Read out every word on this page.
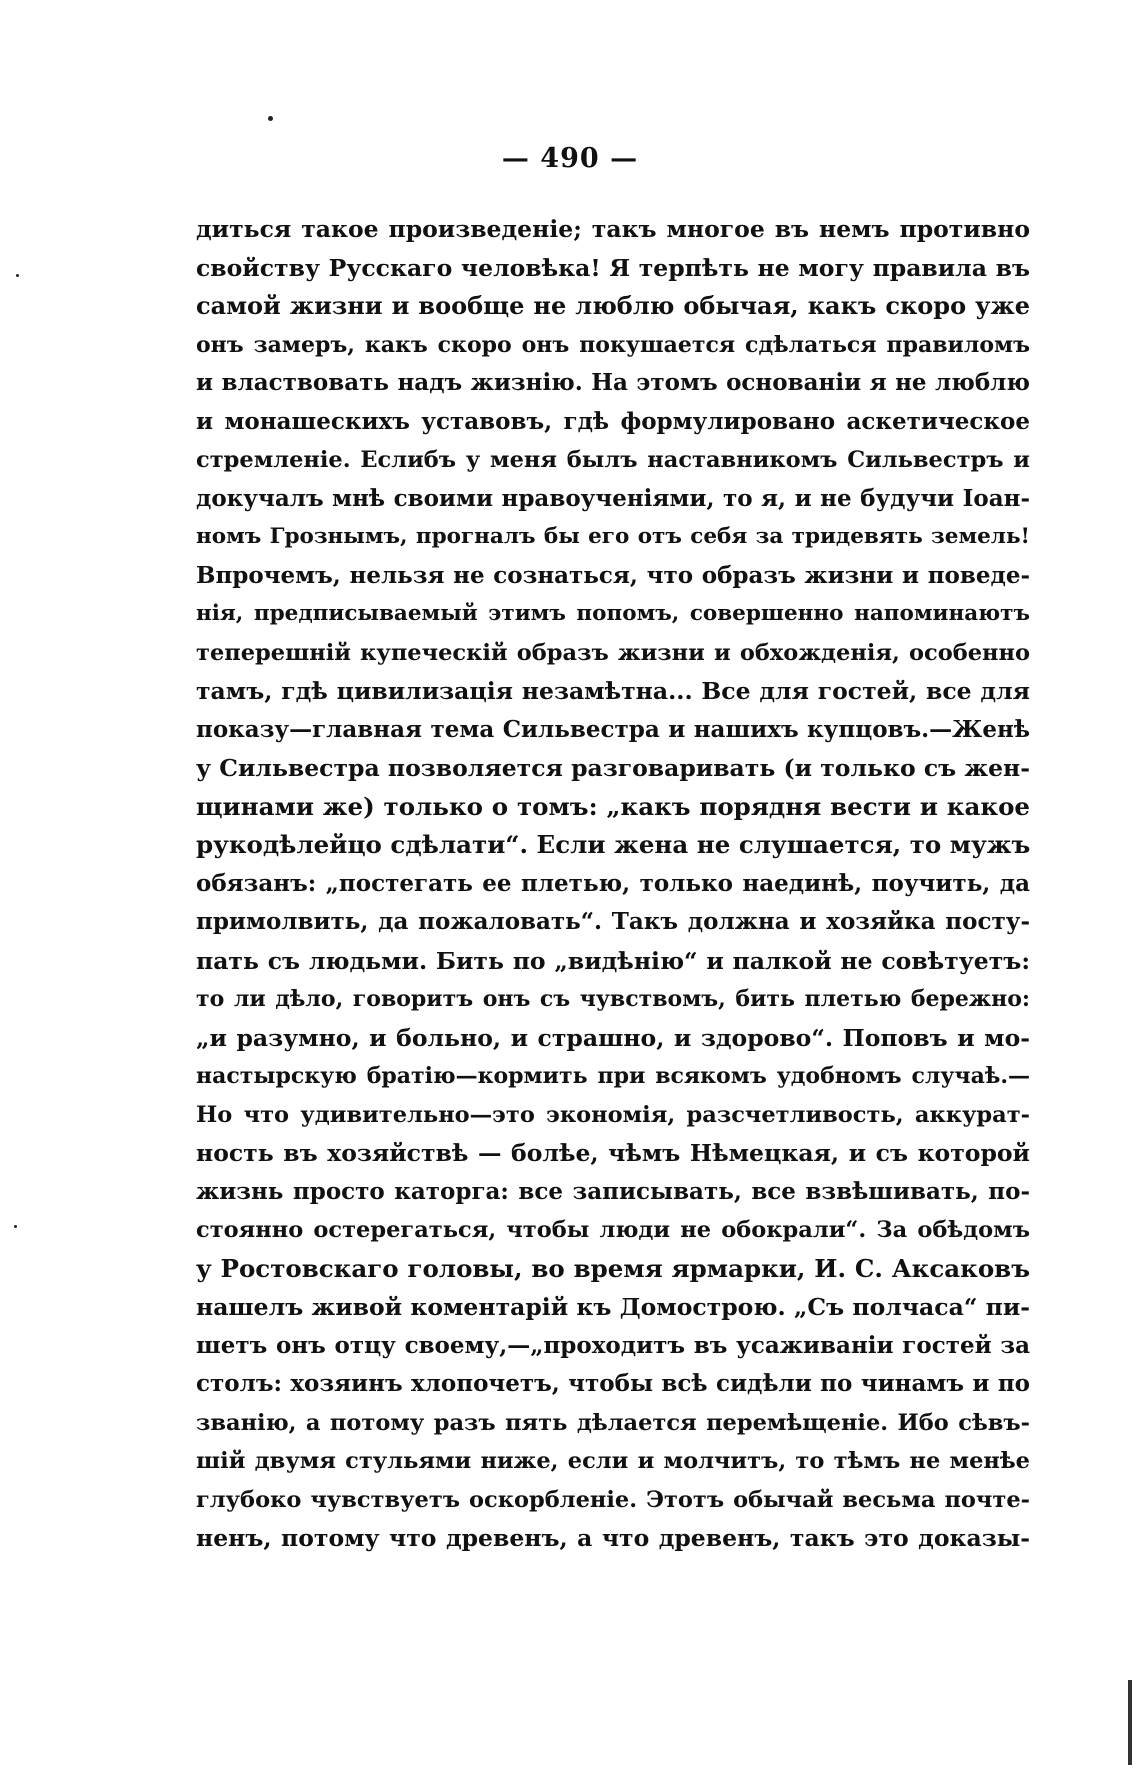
— 490 —
диться такое произведеніе; такъ многое въ немъ противно
свойству Русскаго человѣка! Я терпѣть не могу правила въ
самой жизни и вообще не люблю обычая, какъ скоро уже
онъ замеръ, какъ скоро онъ покушается сдѣлаться правиломъ
и властвовать надъ жизнію. На этомъ основаніи я не люблю
и монашескихъ уставовъ, гдѣ формулировано аскетическое
стремленіе. Еслибъ у меня былъ наставникомъ Сильвестръ и
докучалъ мнѣ своими нравоученіями, то я, и не будучи Іоан-
номъ Грознымъ, прогналъ бы его отъ себя за тридевять земель!
Впрочемъ, нельзя не сознаться, что образъ жизни и поведе-
нія, предписываемый этимъ попомъ, совершенно напоминаютъ
теперешній купеческій образъ жизни и обхожденія, особенно
тамъ, гдѣ цивилизація незамѣтна... Все для гостей, все для
показу—главная тема Сильвестра и нашихъ купцовъ.—Женѣ
у Сильвестра позволяется разговаривать (и только съ жен-
щинами же) только о томъ: „какъ порядня вести и какое
рукодѣлейцо сдѣлати“. Если жена не слушается, то мужъ
обязанъ: „постегать ее плетью, только наединѣ, поучить, да
примолвить, да пожаловать“. Такъ должна и хозяйка посту-
пать съ людьми. Бить по „видѣнію“ и палкой не совѣтуетъ:
то ли дѣло, говоритъ онъ съ чувствомъ, бить плетью бережно:
„и разумно, и больно, и страшно, и здорово“. Поповъ и мо-
настырскую братію—кормить при всякомъ удобномъ случаѣ.—
Но что удивительно—это экономія, разсчетливость, аккурат-
ность въ хозяйствѣ — болѣе, чѣмъ Нѣмецкая, и съ которой
жизнь просто каторга: все записывать, все взвѣшивать, по-
стоянно остерегаться, чтобы люди не обокрали“. За обѣдомъ
у Ростовскаго головы, во время ярмарки, И. С. Аксаковъ
нашелъ живой коментарій къ Домострою. „Съ полчаса“ пи-
шетъ онъ отцу своему,—„проходитъ въ усаживаніи гостей за
столъ: хозяинъ хлопочетъ, чтобы всѣ сидѣли по чинамъ и по
званію, а потому разъ пять дѣлается перемѣщеніе. Ибо сѣвъ-
шій двумя стульями ниже, если и молчитъ, то тѣмъ не менѣе
глубоко чувствуетъ оскорбленіе. Этотъ обычай весьма почте-
ненъ, потому что древенъ, а что древенъ, такъ это доказы-
